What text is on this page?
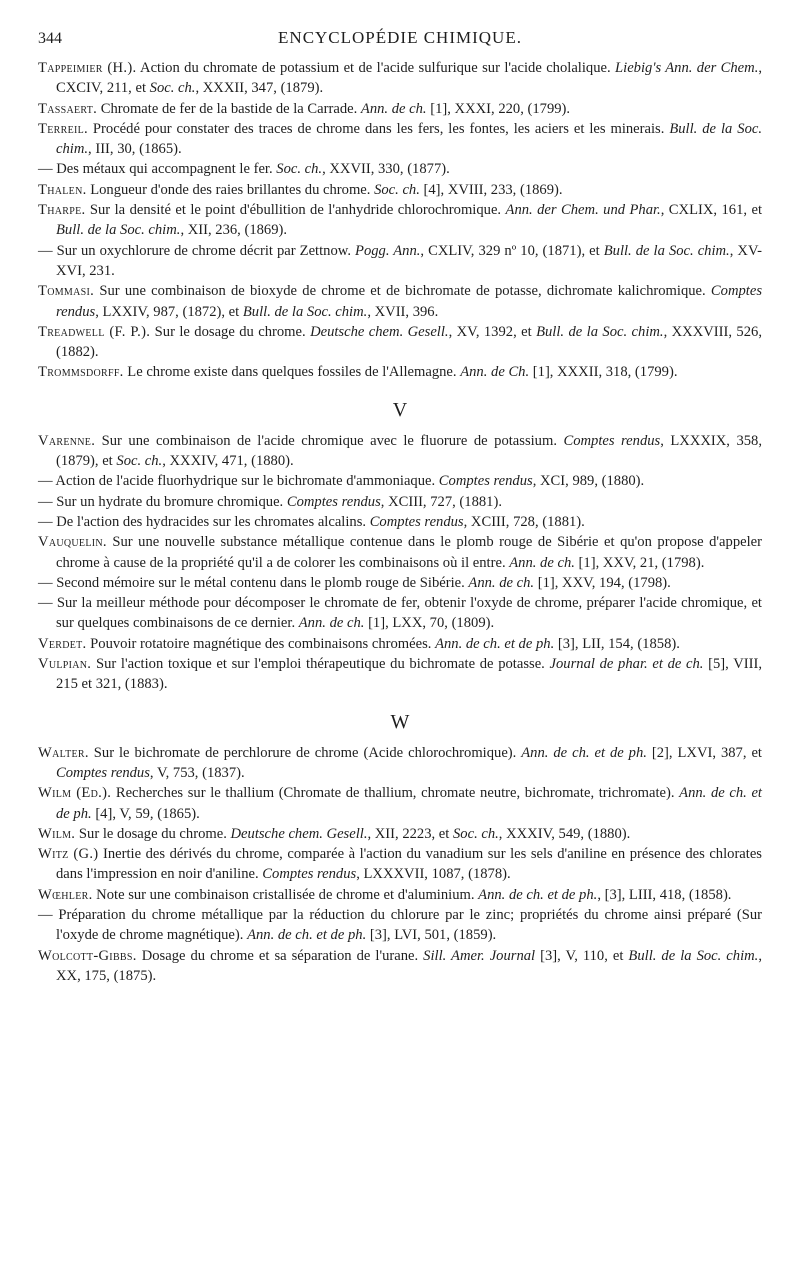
344	ENCYCLOPÉDIE CHIMIQUE.

Tappeimier (H.). Action du chromate de potassium et de l'acide sulfurique sur l'acide cholalique. Liebig's Ann. der Chem., CXCIV, 211, et Soc. ch., XXXII, 347, (1879).

Tassaert. Chromate de fer de la bastide de la Carrade. Ann. de ch. [1], XXXI, 220, (1799).

Terreil. Procédé pour constater des traces de chrome dans les fers, les fontes, les aciers et les minerais. Bull. de la Soc. chim., III, 30, (1865).

— Des métaux qui accompagnent le fer. Soc. ch., XXVII, 330, (1877).

Thalen. Longueur d'onde des raies brillantes du chrome. Soc. ch. [4], XVIII, 233, (1869).

Tharpe. Sur la densité et le point d'ébullition de l'anhydride chlorochromique. Ann. der Chem. und Phar., CXLIX, 161, et Bull. de la Soc. chim., XII, 236, (1869).

— Sur un oxychlorure de chrome décrit par Zettnow. Pogg. Ann., CXLIV, 329 nº 10, (1871), et Bull. de la Soc. chim., XV-XVI, 231.

Tommasi. Sur une combinaison de bioxyde de chrome et de bichromate de potasse, dichromate kalichromique. Comptes rendus, LXXIV, 987, (1872), et Bull. de la Soc. chim., XVII, 396.

Treadwell (F. P.). Sur le dosage du chrome. Deutsche chem. Gesell., XV, 1392, et Bull. de la Soc. chim., XXXVIII, 526, (1882).

Trommsdorff. Le chrome existe dans quelques fossiles de l'Allemagne. Ann. de Ch. [1], XXXII, 318, (1799).

V

Varenne. Sur une combinaison de l'acide chromique avec le fluorure de potassium. Comptes rendus, LXXXIX, 358, (1879), et Soc. ch., XXXIV, 471, (1880).

— Action de l'acide fluorhydrique sur le bichromate d'ammoniaque. Comptes rendus, XCI, 989, (1880).

— Sur un hydrate du bromure chromique. Comptes rendus, XCIII, 727, (1881).

— De l'action des hydracides sur les chromates alcalins. Comptes rendus, XCIII, 728, (1881).

Vauquelin. Sur une nouvelle substance métallique contenue dans le plomb rouge de Sibérie et qu'on propose d'appeler chrome à cause de la propriété qu'il a de colorer les combinaisons où il entre. Ann. de ch. [1], XXV, 21, (1798).

— Second mémoire sur le métal contenu dans le plomb rouge de Sibérie. Ann. de ch. [1], XXV, 194, (1798).

— Sur la meilleur méthode pour décomposer le chromate de fer, obtenir l'oxyde de chrome, préparer l'acide chromique, et sur quelques combinaisons de ce dernier. Ann. de ch. [1], LXX, 70, (1809).

Verdet. Pouvoir rotatoire magnétique des combinaisons chromées. Ann. de ch. et de ph. [3], LII, 154, (1858).

Vulpian. Sur l'action toxique et sur l'emploi thérapeutique du bichromate de potasse. Journal de phar. et de ch. [5], VIII, 215 et 321, (1883).

W

Walter. Sur le bichromate de perchlorure de chrome (Acide chlorochromique). Ann. de ch. et de ph. [2], LXVI, 387, et Comptes rendus, V, 753, (1837).

Wilm (Ed.). Recherches sur le thallium (Chromate de thallium, chromate neutre, bichromate, trichromate). Ann. de ch. et de ph. [4], V, 59, (1865).

Wilm. Sur le dosage du chrome. Deutsche chem. Gesell., XII, 2223, et Soc. ch., XXXIV, 549, (1880).

Witz (G.) Inertie des dérivés du chrome, comparée à l'action du vanadium sur les sels d'aniline en présence des chlorates dans l'impression en noir d'aniline. Comptes rendus, LXXXVII, 1087, (1878).

Wœhler. Note sur une combinaison cristallisée de chrome et d'aluminium. Ann. de ch. et de ph., [3], LIII, 418, (1858).

— Préparation du chrome métallique par la réduction du chlorure par le zinc; propriétés du chrome ainsi préparé (Sur l'oxyde de chrome magnétique). Ann. de ch. et de ph. [3], LVI, 501, (1859).

Wolcott-Gibbs. Dosage du chrome et sa séparation de l'urane. Sill. Amer. Journal [3], V, 110, et Bull. de la Soc. chim., XX, 175, (1875).
